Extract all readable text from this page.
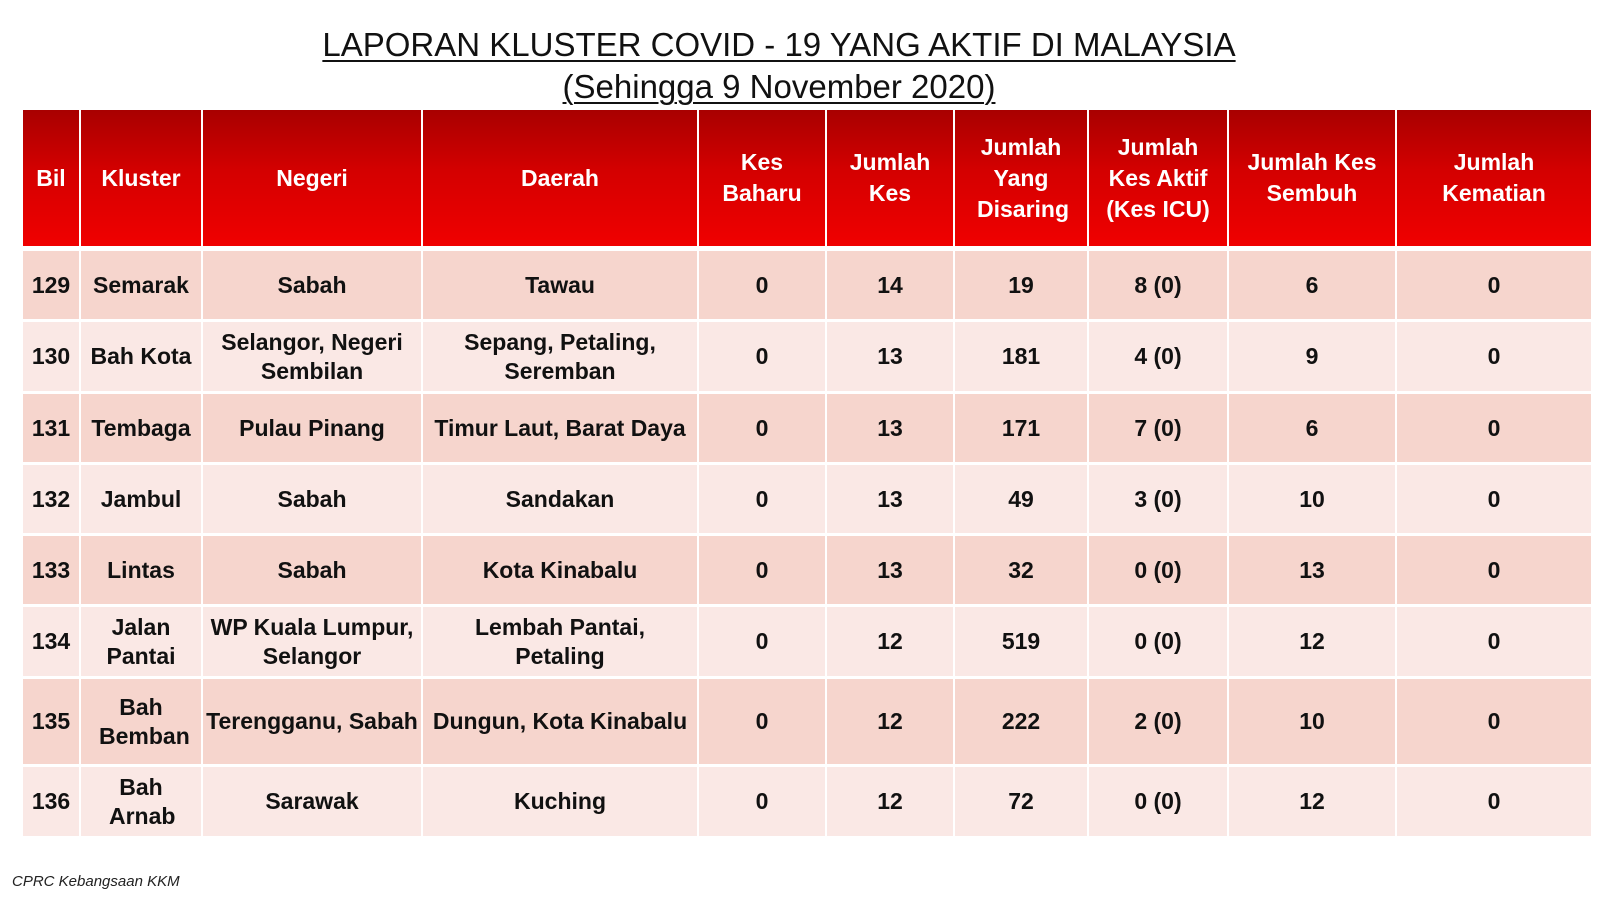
LAPORAN KLUSTER COVID - 19 YANG AKTIF DI MALAYSIA
(Sehingga 9 November 2020)
Bil	Kluster	Negeri	Daerah	Kes Baharu	Jumlah Kes	Jumlah Yang Disaring	Jumlah Kes Aktif (Kes ICU)	Jumlah Kes Sembuh	Jumlah Kematian
129	Semarak	Sabah	Tawau	0	14	19	8 (0)	6	0
130	Bah Kota	Selangor, Negeri Sembilan	Sepang, Petaling, Seremban	0	13	181	4 (0)	9	0
131	Tembaga	Pulau Pinang	Timur Laut, Barat Daya	0	13	171	7 (0)	6	0
132	Jambul	Sabah	Sandakan	0	13	49	3 (0)	10	0
133	Lintas	Sabah	Kota Kinabalu	0	13	32	0 (0)	13	0
134	Jalan Pantai	WP Kuala Lumpur, Selangor	Lembah Pantai, Petaling	0	12	519	0 (0)	12	0
135	Bah Bemban	Terengganu, Sabah	Dungun, Kota Kinabalu	0	12	222	2 (0)	10	0
136	Bah Arnab	Sarawak	Kuching	0	12	72	0 (0)	12	0
CPRC Kebangsaan KKM
